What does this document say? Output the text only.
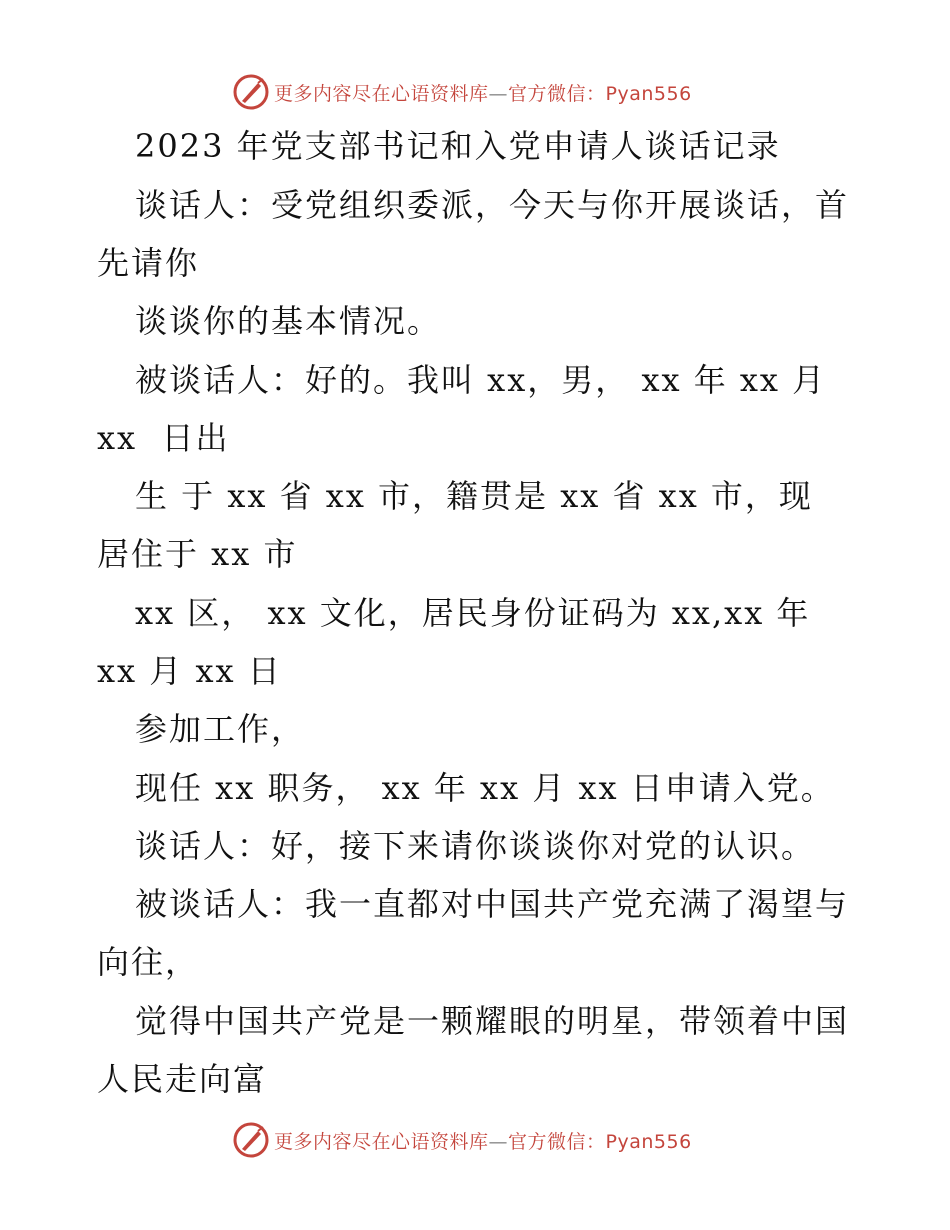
更多内容尽在心语资料库—官方微信：Pyan556
2023 年党支部书记和入党申请人谈话记录
谈话人：受党组织委派，今天与你开展谈话，首
先请你
谈谈你的基本情况。
被谈话人：好的。我叫 xx，男， xx 年 xx 月
xx  日出
生 于 xx 省 xx 市，籍贯是 xx 省 xx 市，现
居住于 xx 市
xx 区， xx 文化，居民身份证码为 xx,xx 年
xx 月 xx 日
参加工作，
现任 xx 职务， xx 年 xx 月 xx 日申请入党。
谈话人：好，接下来请你谈谈你对党的认识。
被谈话人：我一直都对中国共产党充满了渴望与
向往，
觉得中国共产党是一颗耀眼的明星，带领着中国
人民走向富
更多内容尽在心语资料库—官方微信：Pyan556
